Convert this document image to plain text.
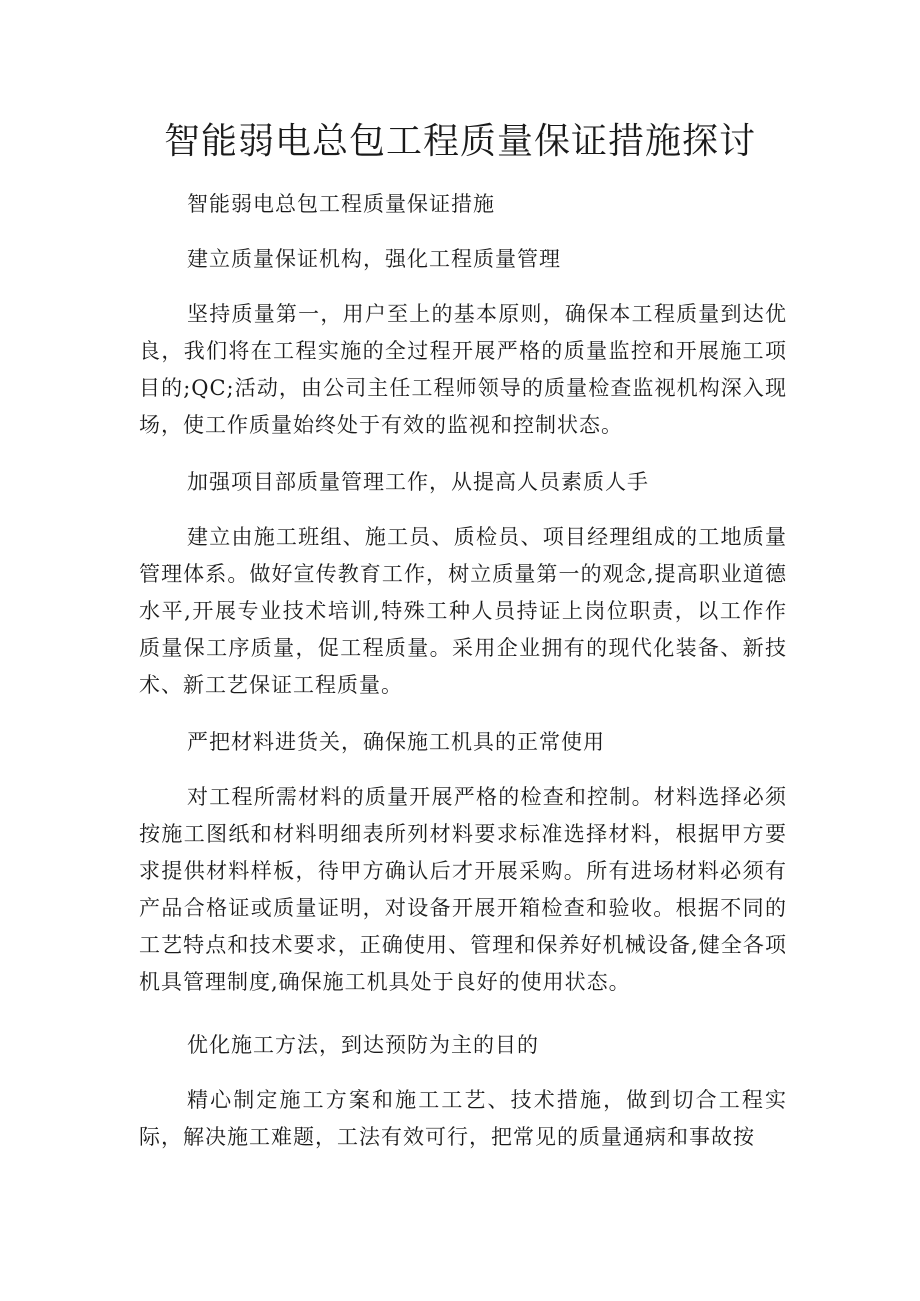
智能弱电总包工程质量保证措施探讨

智能弱电总包工程质量保证措施

建立质量保证机构，强化工程质量管理

坚持质量第一，用户至上的基本原则，确保本工程质量到达优良，我们将在工程实施的全过程开展严格的质量监控和开展施工项目的;QC;活动，由公司主任工程师领导的质量检查监视机构深入现场，使工作质量始终处于有效的监视和控制状态。

加强项目部质量管理工作，从提高人员素质人手

建立由施工班组、施工员、质检员、项目经理组成的工地质量管理体系。做好宣传教育工作，树立质量第一的观念,提高职业道德水平,开展专业技术培训,特殊工种人员持证上岗位职责，以工作作质量保工序质量，促工程质量。采用企业拥有的现代化装备、新技术、新工艺保证工程质量。

严把材料进货关，确保施工机具的正常使用

对工程所需材料的质量开展严格的检查和控制。材料选择必须按施工图纸和材料明细表所列材料要求标准选择材料，根据甲方要求提供材料样板，待甲方确认后才开展采购。所有进场材料必须有产品合格证或质量证明，对设备开展开箱检查和验收。根据不同的工艺特点和技术要求，正确使用、管理和保养好机械设备,健全各项机具管理制度,确保施工机具处于良好的使用状态。

优化施工方法，到达预防为主的目的

精心制定施工方案和施工工艺、技术措施，做到切合工程实际，解决施工难题，工法有效可行，把常见的质量通病和事故按
